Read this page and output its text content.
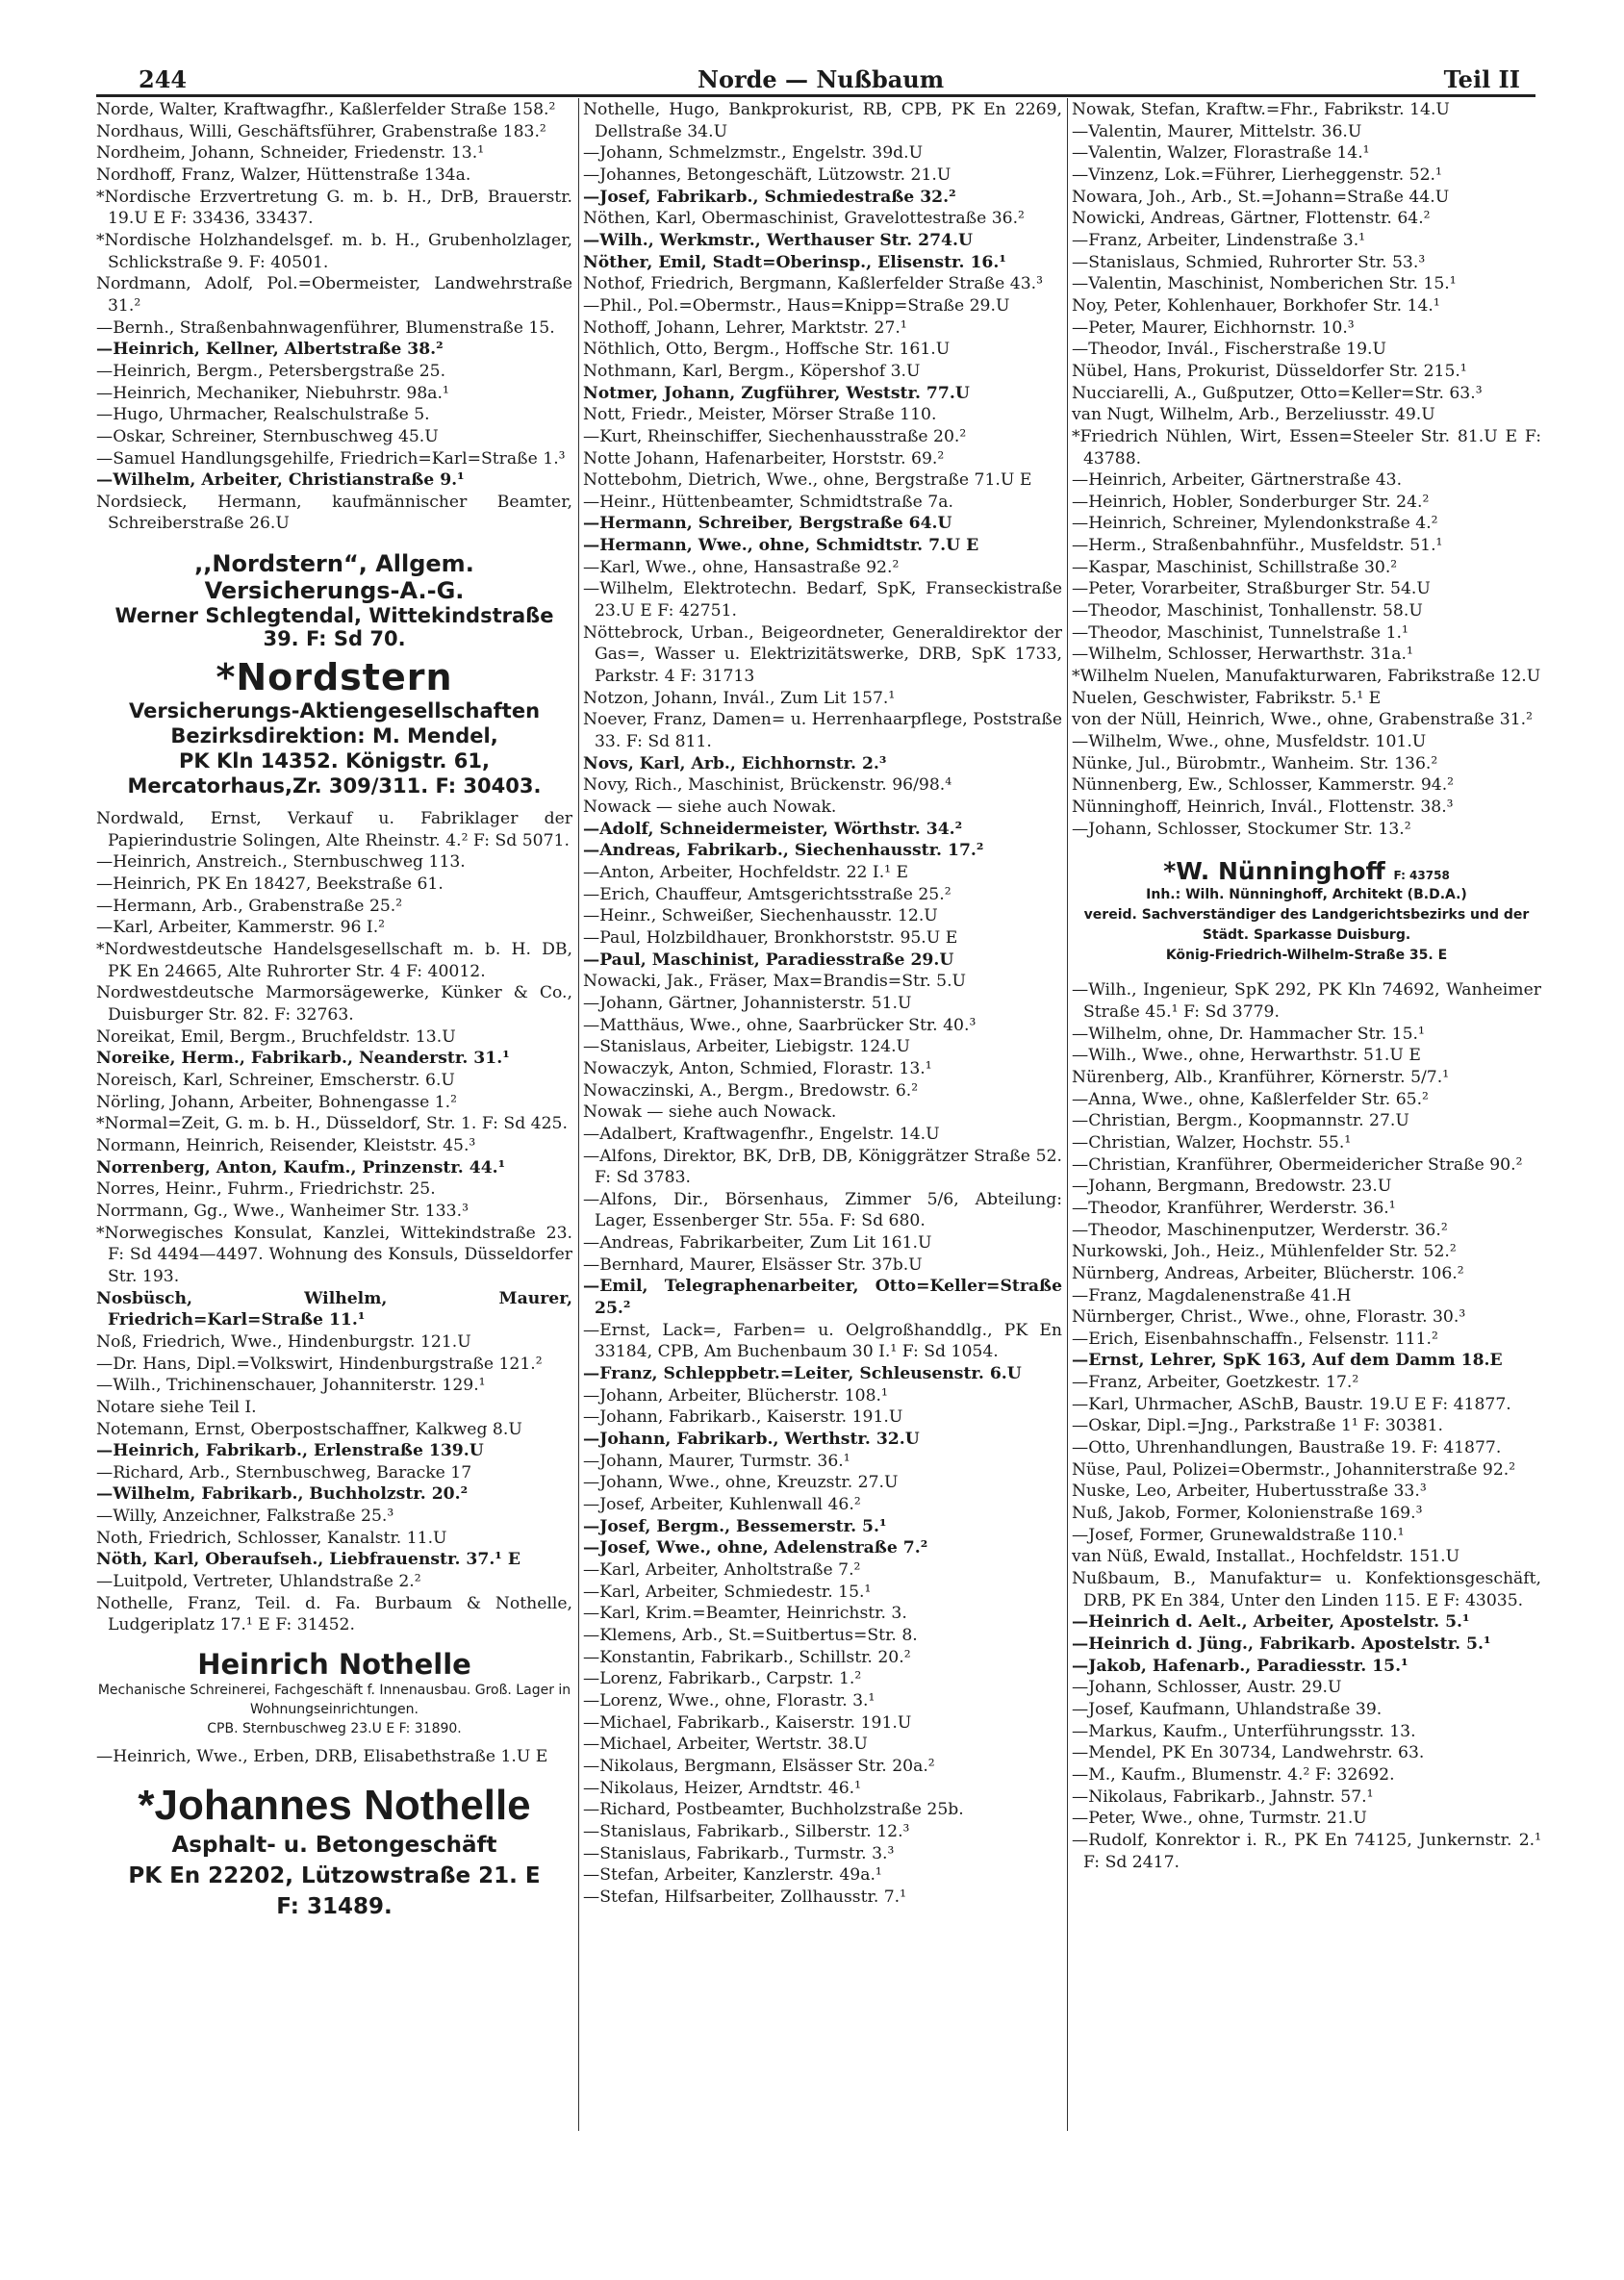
244	Norde — Nußbaum	Teil II

Norde, Walter, Kraftwagfhr., Kaßlerfelder Straße 158.²

Nordhaus, Willi, Geschäftsführer, Grabenstraße 183.²

Nordheim, Johann, Schneider, Friedenstr. 13.¹

Nordhoff, Franz, Walzer, Hüttenstraße 134a.

*Nordische Erzvertretung G. m. b. H., DrB, Brauerstr. 19.U E F: 33436, 33437.

*Nordische Holzhandelsgef. m. b. H., Grubenholzlager, Schlickstraße 9. F: 40501.

Nordmann, Adolf, Pol.=Obermeister, Landwehrstraße 31.²

—Bernh., Straßenbahnwagenführer, Blumenstraße 15.

—Heinrich, Kellner, Albertstraße 38.²

—Heinrich, Bergm., Petersbergstraße 25.

—Heinrich, Mechaniker, Niebuhrstr. 98a.¹

—Hugo, Uhrmacher, Realschulstraße 5.

—Oskar, Schreiner, Sternbuschweg 45.U

—Samuel Handlungsgehilfe, Friedrich=Karl=Straße 1.³

—Wilhelm, Arbeiter, Christianstraße 9.¹

Nordsieck, Hermann, kaufmännischer Beamter, Schreiberstraße 26.U

,,Nordstern“, Allgem. Versicherungs-A.-G.

Werner Schlegtendal, Wittekindstraße 39. F: Sd 70.

*Nordstern

Versicherungs-Aktiengesellschaften

Bezirksdirektion: M. Mendel,

PK Kln 14352. Königstr. 61,

Mercatorhaus,Zr. 309/311. F: 30403.

Nordwald, Ernst, Verkauf u. Fabriklager der Papierindustrie Solingen, Alte Rheinstr. 4.² F: Sd 5071.

—Heinrich, Anstreich., Sternbuschweg 113.

—Heinrich, PK En 18427, Beekstraße 61.

—Hermann, Arb., Grabenstraße 25.²

—Karl, Arbeiter, Kammerstr. 96 I.²

*Nordwestdeutsche Handelsgesellschaft m. b. H. DB, PK En 24665, Alte Ruhrorter Str. 4 F: 40012.

Nordwestdeutsche Marmorsägewerke, Künker & Co., Duisburger Str. 82. F: 32763.

Noreikat, Emil, Bergm., Bruchfeldstr. 13.U

Noreike, Herm., Fabrikarb., Neanderstr. 31.¹

Noreisch, Karl, Schreiner, Emscherstr. 6.U

Nörling, Johann, Arbeiter, Bohnengasse 1.²

*Normal=Zeit, G. m. b. H., Düsseldorf, Str. 1. F: Sd 425.

Normann, Heinrich, Reisender, Kleiststr. 45.³

Norrenberg, Anton, Kaufm., Prinzenstr. 44.¹

Norres, Heinr., Fuhrm., Friedrichstr. 25.

Norrmann, Gg., Wwe., Wanheimer Str. 133.³

*Norwegisches Konsulat, Kanzlei, Wittekindstraße 23. F: Sd 4494—4497. Wohnung des Konsuls, Düsseldorfer Str. 193.

Nosbüsch, Wilhelm, Maurer, Friedrich=Karl=Straße 11.¹

Noß, Friedrich, Wwe., Hindenburgstr. 121.U

—Dr. Hans, Dipl.=Volkswirt, Hindenburgstraße 121.²

—Wilh., Trichinenschauer, Johanniterstr. 129.¹

Notare siehe Teil I.

Notemann, Ernst, Oberpostschaffner, Kalkweg 8.U

—Heinrich, Fabrikarb., Erlenstraße 139.U

—Richard, Arb., Sternbuschweg, Baracke 17

—Wilhelm, Fabrikarb., Buchholzstr. 20.²

—Willy, Anzeichner, Falkstraße 25.³

Noth, Friedrich, Schlosser, Kanalstr. 11.U

Nöth, Karl, Oberaufseh., Liebfrauenstr. 37.¹ E

—Luitpold, Vertreter, Uhlandstraße 2.²

Nothelle, Franz, Teil. d. Fa. Burbaum & Nothelle, Ludgeriplatz 17.¹ E F: 31452.

Heinrich Nothelle

Mechanische Schreinerei, Fachgeschäft f. Innenausbau. Groß. Lager in Wohnungseinrichtungen.

CPB. Sternbuschweg 23.U E F: 31890.

—Heinrich, Wwe., Erben, DRB, Elisabethstraße 1.U E

*Johannes Nothelle

Asphalt- u. Betongeschäft

PK En 22202, Lützowstraße 21. E

F: 31489.

Nothelle, Hugo, Bankprokurist, RB, CPB, PK En 2269, Dellstraße 34.U

—Johann, Schmelzmstr., Engelstr. 39d.U

—Johannes, Betongeschäft, Lützowstr. 21.U

—Josef, Fabrikarb., Schmiedestraße 32.²

Nöthen, Karl, Obermaschinist, Gravelottestraße 36.²

—Wilh., Werkmstr., Werthauser Str. 274.U

Nöther, Emil, Stadt=Oberinsp., Elisenstr. 16.¹

Nothof, Friedrich, Bergmann, Kaßlerfelder Straße 43.³

—Phil., Pol.=Obermstr., Haus=Knipp=Straße 29.U

Nothoff, Johann, Lehrer, Marktstr. 27.¹

Nöthlich, Otto, Bergm., Hoffsche Str. 161.U

Nothmann, Karl, Bergm., Köpershof 3.U

Notmer, Johann, Zugführer, Weststr. 77.U

Nott, Friedr., Meister, Mörser Straße 110.

—Kurt, Rheinschiffer, Siechenhausstraße 20.²

Notte Johann, Hafenarbeiter, Horststr. 69.²

Nottebohm, Dietrich, Wwe., ohne, Bergstraße 71.U E

—Heinr., Hüttenbeamter, Schmidtstraße 7a.

—Hermann, Schreiber, Bergstraße 64.U

—Hermann, Wwe., ohne, Schmidtstr. 7.U E

—Karl, Wwe., ohne, Hansastraße 92.²

—Wilhelm, Elektrotechn. Bedarf, SpK, Franseckistraße 23.U E F: 42751.

Nöttebrock, Urban., Beigeordneter, Generaldirektor der Gas=, Wasser u. Elektrizitätswerke, DRB, SpK 1733, Parkstr. 4 F: 31713

Notzon, Johann, Invál., Zum Lit 157.¹

Noever, Franz, Damen= u. Herrenhaarpflege, Poststraße 33. F: Sd 811.

Novs, Karl, Arb., Eichhornstr. 2.³

Novy, Rich., Maschinist, Brückenstr. 96/98.⁴

Nowack — siehe auch Nowak.

—Adolf, Schneidermeister, Wörthstr. 34.²

—Andreas, Fabrikarb., Siechenhausstr. 17.²

—Anton, Arbeiter, Hochfeldstr. 22 I.¹ E

—Erich, Chauffeur, Amtsgerichtsstraße 25.²

—Heinr., Schweißer, Siechenhausstr. 12.U

—Paul, Holzbildhauer, Bronkhorststr. 95.U E

—Paul, Maschinist, Paradiesstraße 29.U

Nowacki, Jak., Fräser, Max=Brandis=Str. 5.U

—Johann, Gärtner, Johannisterstr. 51.U

—Matthäus, Wwe., ohne, Saarbrücker Str. 40.³

—Stanislaus, Arbeiter, Liebigstr. 124.U

Nowaczyk, Anton, Schmied, Florastr. 13.¹

Nowaczinski, A., Bergm., Bredowstr. 6.²

Nowak — siehe auch Nowack.

—Adalbert, Kraftwagenfhr., Engelstr. 14.U

—Alfons, Direktor, BK, DrB, DB, Königgrätzer Straße 52. F: Sd 3783.

—Alfons, Dir., Börsenhaus, Zimmer 5/6, Abteilung: Lager, Essenberger Str. 55a. F: Sd 680.

—Andreas, Fabrikarbeiter, Zum Lit 161.U

—Bernhard, Maurer, Elsässer Str. 37b.U

—Emil, Telegraphenarbeiter, Otto=Keller=Straße 25.²

—Ernst, Lack=, Farben= u. Oelgroßhanddlg., PK En 33184, CPB, Am Buchenbaum 30 I.¹ F: Sd 1054.

—Franz, Schleppbetr.=Leiter, Schleusenstr. 6.U

—Johann, Arbeiter, Blücherstr. 108.¹

—Johann, Fabrikarb., Kaiserstr. 191.U

—Johann, Fabrikarb., Werthstr. 32.U

—Johann, Maurer, Turmstr. 36.¹

—Johann, Wwe., ohne, Kreuzstr. 27.U

—Josef, Arbeiter, Kuhlenwall 46.²

—Josef, Bergm., Bessemerstr. 5.¹

—Josef, Wwe., ohne, Adelenstraße 7.²

—Karl, Arbeiter, Anholtstraße 7.²

—Karl, Arbeiter, Schmiedestr. 15.¹

—Karl, Krim.=Beamter, Heinrichstr. 3.

—Klemens, Arb., St.=Suitbertus=Str. 8.

—Konstantin, Fabrikarb., Schillstr. 20.²

—Lorenz, Fabrikarb., Carpstr. 1.²

—Lorenz, Wwe., ohne, Florastr. 3.¹

—Michael, Fabrikarb., Kaiserstr. 191.U

—Michael, Arbeiter, Wertstr. 38.U

—Nikolaus, Bergmann, Elsässer Str. 20a.²

—Nikolaus, Heizer, Arndtstr. 46.¹

—Richard, Postbeamter, Buchholzstraße 25b.

—Stanislaus, Fabrikarb., Silberstr. 12.³

—Stanislaus, Fabrikarb., Turmstr. 3.³

—Stefan, Arbeiter, Kanzlerstr. 49a.¹

—Stefan, Hilfsarbeiter, Zollhausstr. 7.¹

Nowak, Stefan, Kraftw.=Fhr., Fabrikstr. 14.U

—Valentin, Maurer, Mittelstr. 36.U

—Valentin, Walzer, Florastraße 14.¹

—Vinzenz, Lok.=Führer, Lierheggenstr. 52.¹

Nowara, Joh., Arb., St.=Johann=Straße 44.U

Nowicki, Andreas, Gärtner, Flottenstr. 64.²

—Franz, Arbeiter, Lindenstraße 3.¹

—Stanislaus, Schmied, Ruhrorter Str. 53.³

—Valentin, Maschinist, Nomberichen Str. 15.¹

Noy, Peter, Kohlenhauer, Borkhofer Str. 14.¹

—Peter, Maurer, Eichhornstr. 10.³

—Theodor, Invál., Fischerstraße 19.U

Nübel, Hans, Prokurist, Düsseldorfer Str. 215.¹

Nucciarelli, A., Gußputzer, Otto=Keller=Str. 63.³

van Nugt, Wilhelm, Arb., Berzeliusstr. 49.U

*Friedrich Nühlen, Wirt, Essen=Steeler Str. 81.U E F: 43788.

—Heinrich, Arbeiter, Gärtnerstraße 43.

—Heinrich, Hobler, Sonderburger Str. 24.²

—Heinrich, Schreiner, Mylendonkstraße 4.²

—Herm., Straßenbahnführ., Musfeldstr. 51.¹

—Kaspar, Maschinist, Schillstraße 30.²

—Peter, Vorarbeiter, Straßburger Str. 54.U

—Theodor, Maschinist, Tonhallenstr. 58.U

—Theodor, Maschinist, Tunnelstraße 1.¹

—Wilhelm, Schlosser, Herwarthstr. 31a.¹

*Wilhelm Nuelen, Manufakturwaren, Fabrikstraße 12.U

Nuelen, Geschwister, Fabrikstr. 5.¹ E

von der Nüll, Heinrich, Wwe., ohne, Grabenstraße 31.²

—Wilhelm, Wwe., ohne, Musfeldstr. 101.U

Nünke, Jul., Bürobmtr., Wanheim. Str. 136.²

Nünnenberg, Ew., Schlosser, Kammerstr. 94.²

Nünninghoff, Heinrich, Invál., Flottenstr. 38.³

—Johann, Schlosser, Stockumer Str. 13.²

*W. Nünninghoff F: 43758

Inh.: Wilh. Nünninghoff, Architekt (B.D.A.)

vereid. Sachverständiger des Landgerichtsbezirks und der Städt. Sparkasse Duisburg.

König-Friedrich-Wilhelm-Straße 35. E

—Wilh., Ingenieur, SpK 292, PK Kln 74692, Wanheimer Straße 45.¹ F: Sd 3779.

—Wilhelm, ohne, Dr. Hammacher Str. 15.¹

—Wilh., Wwe., ohne, Herwarthstr. 51.U E

Nürenberg, Alb., Kranführer, Körnerstr. 5/7.¹

—Anna, Wwe., ohne, Kaßlerfelder Str. 65.²

—Christian, Bergm., Koopmannstr. 27.U

—Christian, Walzer, Hochstr. 55.¹

—Christian, Kranführer, Obermeidericher Straße 90.²

—Johann, Bergmann, Bredowstr. 23.U

—Theodor, Kranführer, Werderstr. 36.¹

—Theodor, Maschinenputzer, Werderstr. 36.²

Nurkowski, Joh., Heiz., Mühlenfelder Str. 52.²

Nürnberg, Andreas, Arbeiter, Blücherstr. 106.²

—Franz, Magdalenenstraße 41.H

Nürnberger, Christ., Wwe., ohne, Florastr. 30.³

—Erich, Eisenbahnschaffn., Felsenstr. 111.²

—Ernst, Lehrer, SpK 163, Auf dem Damm 18.E

—Franz, Arbeiter, Goetzkestr. 17.²

—Karl, Uhrmacher, ASchB, Baustr. 19.U E F: 41877.

—Oskar, Dipl.=Jng., Parkstraße 1¹ F: 30381.

—Otto, Uhrenhandlungen, Baustraße 19. F: 41877.

Nüse, Paul, Polizei=Obermstr., Johanniterstraße 92.²

Nuske, Leo, Arbeiter, Hubertusstraße 33.³

Nuß, Jakob, Former, Kolonienstraße 169.³

—Josef, Former, Grunewaldstraße 110.¹

van Nüß, Ewald, Installat., Hochfeldstr. 151.U

Nußbaum, B., Manufaktur= u. Konfektionsgeschäft, DRB, PK En 384, Unter den Linden 115. E F: 43035.

—Heinrich d. Aelt., Arbeiter, Apostelstr. 5.¹

—Heinrich d. Jüng., Fabrikarb. Apostelstr. 5.¹

—Jakob, Hafenarb., Paradiesstr. 15.¹

—Johann, Schlosser, Austr. 29.U

—Josef, Kaufmann, Uhlandstraße 39.

—Markus, Kaufm., Unterführungsstr. 13.

—Mendel, PK En 30734, Landwehrstr. 63.

—M., Kaufm., Blumenstr. 4.² F: 32692.

—Nikolaus, Fabrikarb., Jahnstr. 57.¹

—Peter, Wwe., ohne, Turmstr. 21.U

—Rudolf, Konrektor i. R., PK En 74125, Junkernstr. 2.¹ F: Sd 2417.
